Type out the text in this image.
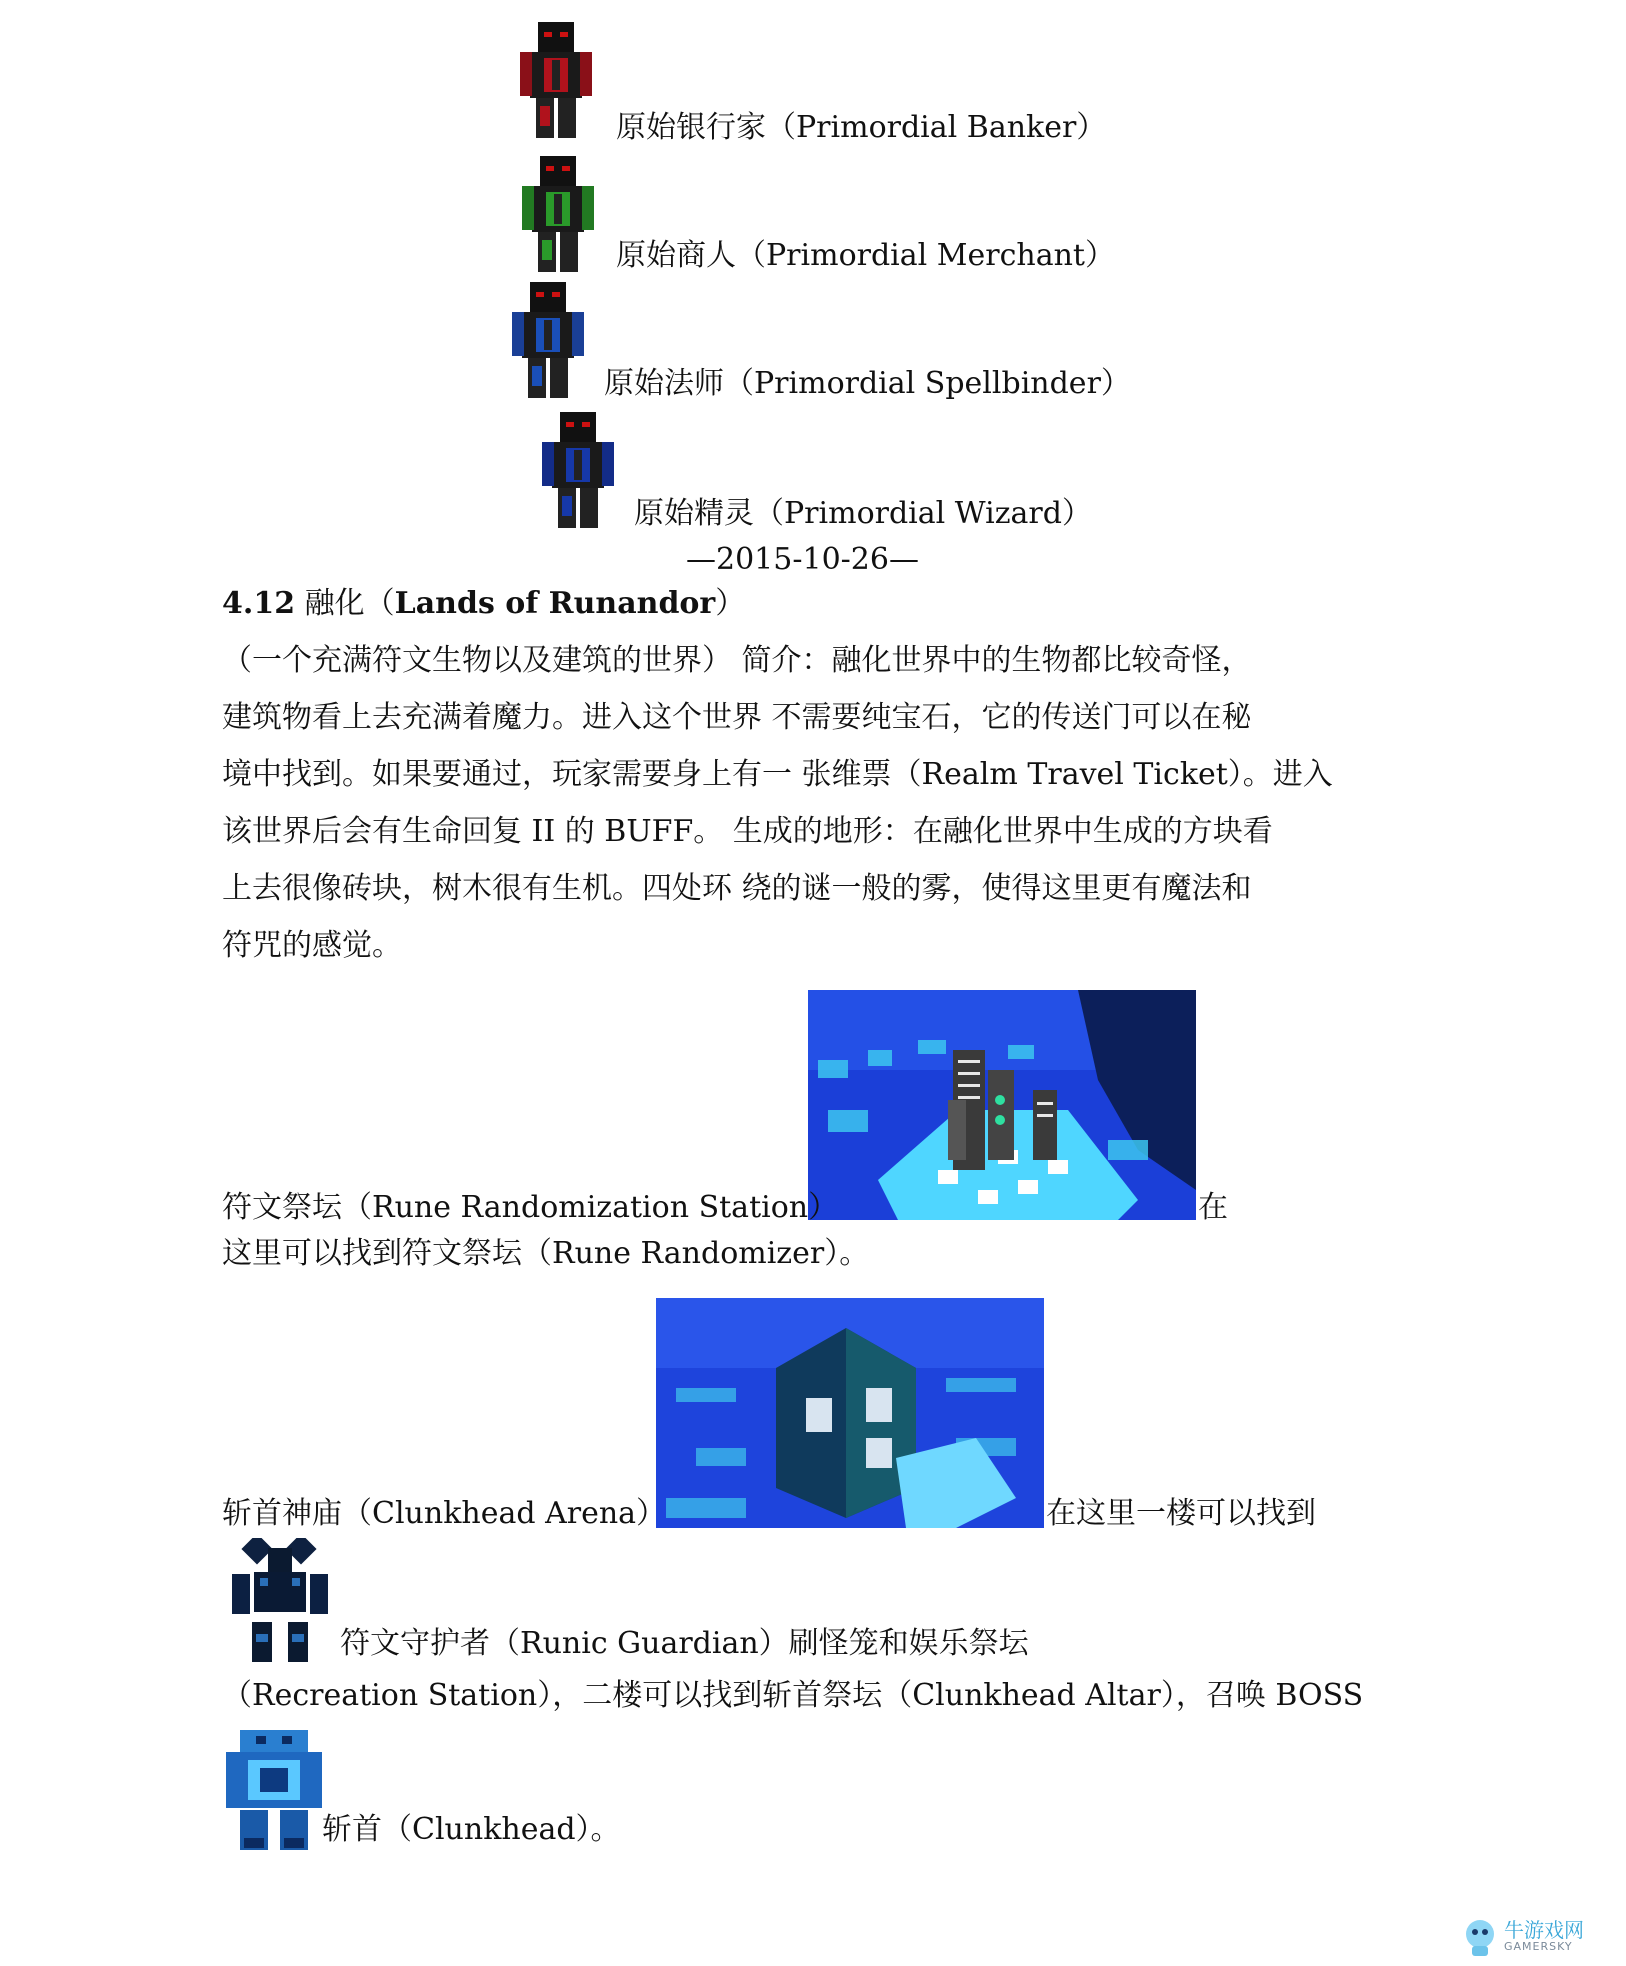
原始银行家（Primordial Banker）
原始商人（Primordial Merchant）
原始法师（Primordial Spellbinder）
原始精灵（Primordial Wizard）
—2015-10-26—
4.12 融化（Lands of Runandor）
（一个充满符文生物以及建筑的世界） 简介：融化世界中的生物都比较奇怪，
建筑物看上去充满着魔力。进入这个世界 不需要纯宝石，它的传送门可以在秘
境中找到。如果要通过，玩家需要身上有一 张维票（Realm Travel Ticket）。进入
该世界后会有生命回复 II 的 BUFF。 生成的地形：在融化世界中生成的方块看
上去很像砖块，树木很有生机。四处环 绕的谜一般的雾，使得这里更有魔法和
符咒的感觉。
符文祭坛（Rune Randomization Station）	在
这里可以找到符文祭坛（Rune Randomizer）。
斩首神庙（Clunkhead Arena）	在这里一楼可以找到
符文守护者（Runic Guardian）刷怪笼和娱乐祭坛
（Recreation Station），二楼可以找到斩首祭坛（Clunkhead Altar），召唤 BOSS
斩首（Clunkhead）。
牛游戏网
GAMERSKY
